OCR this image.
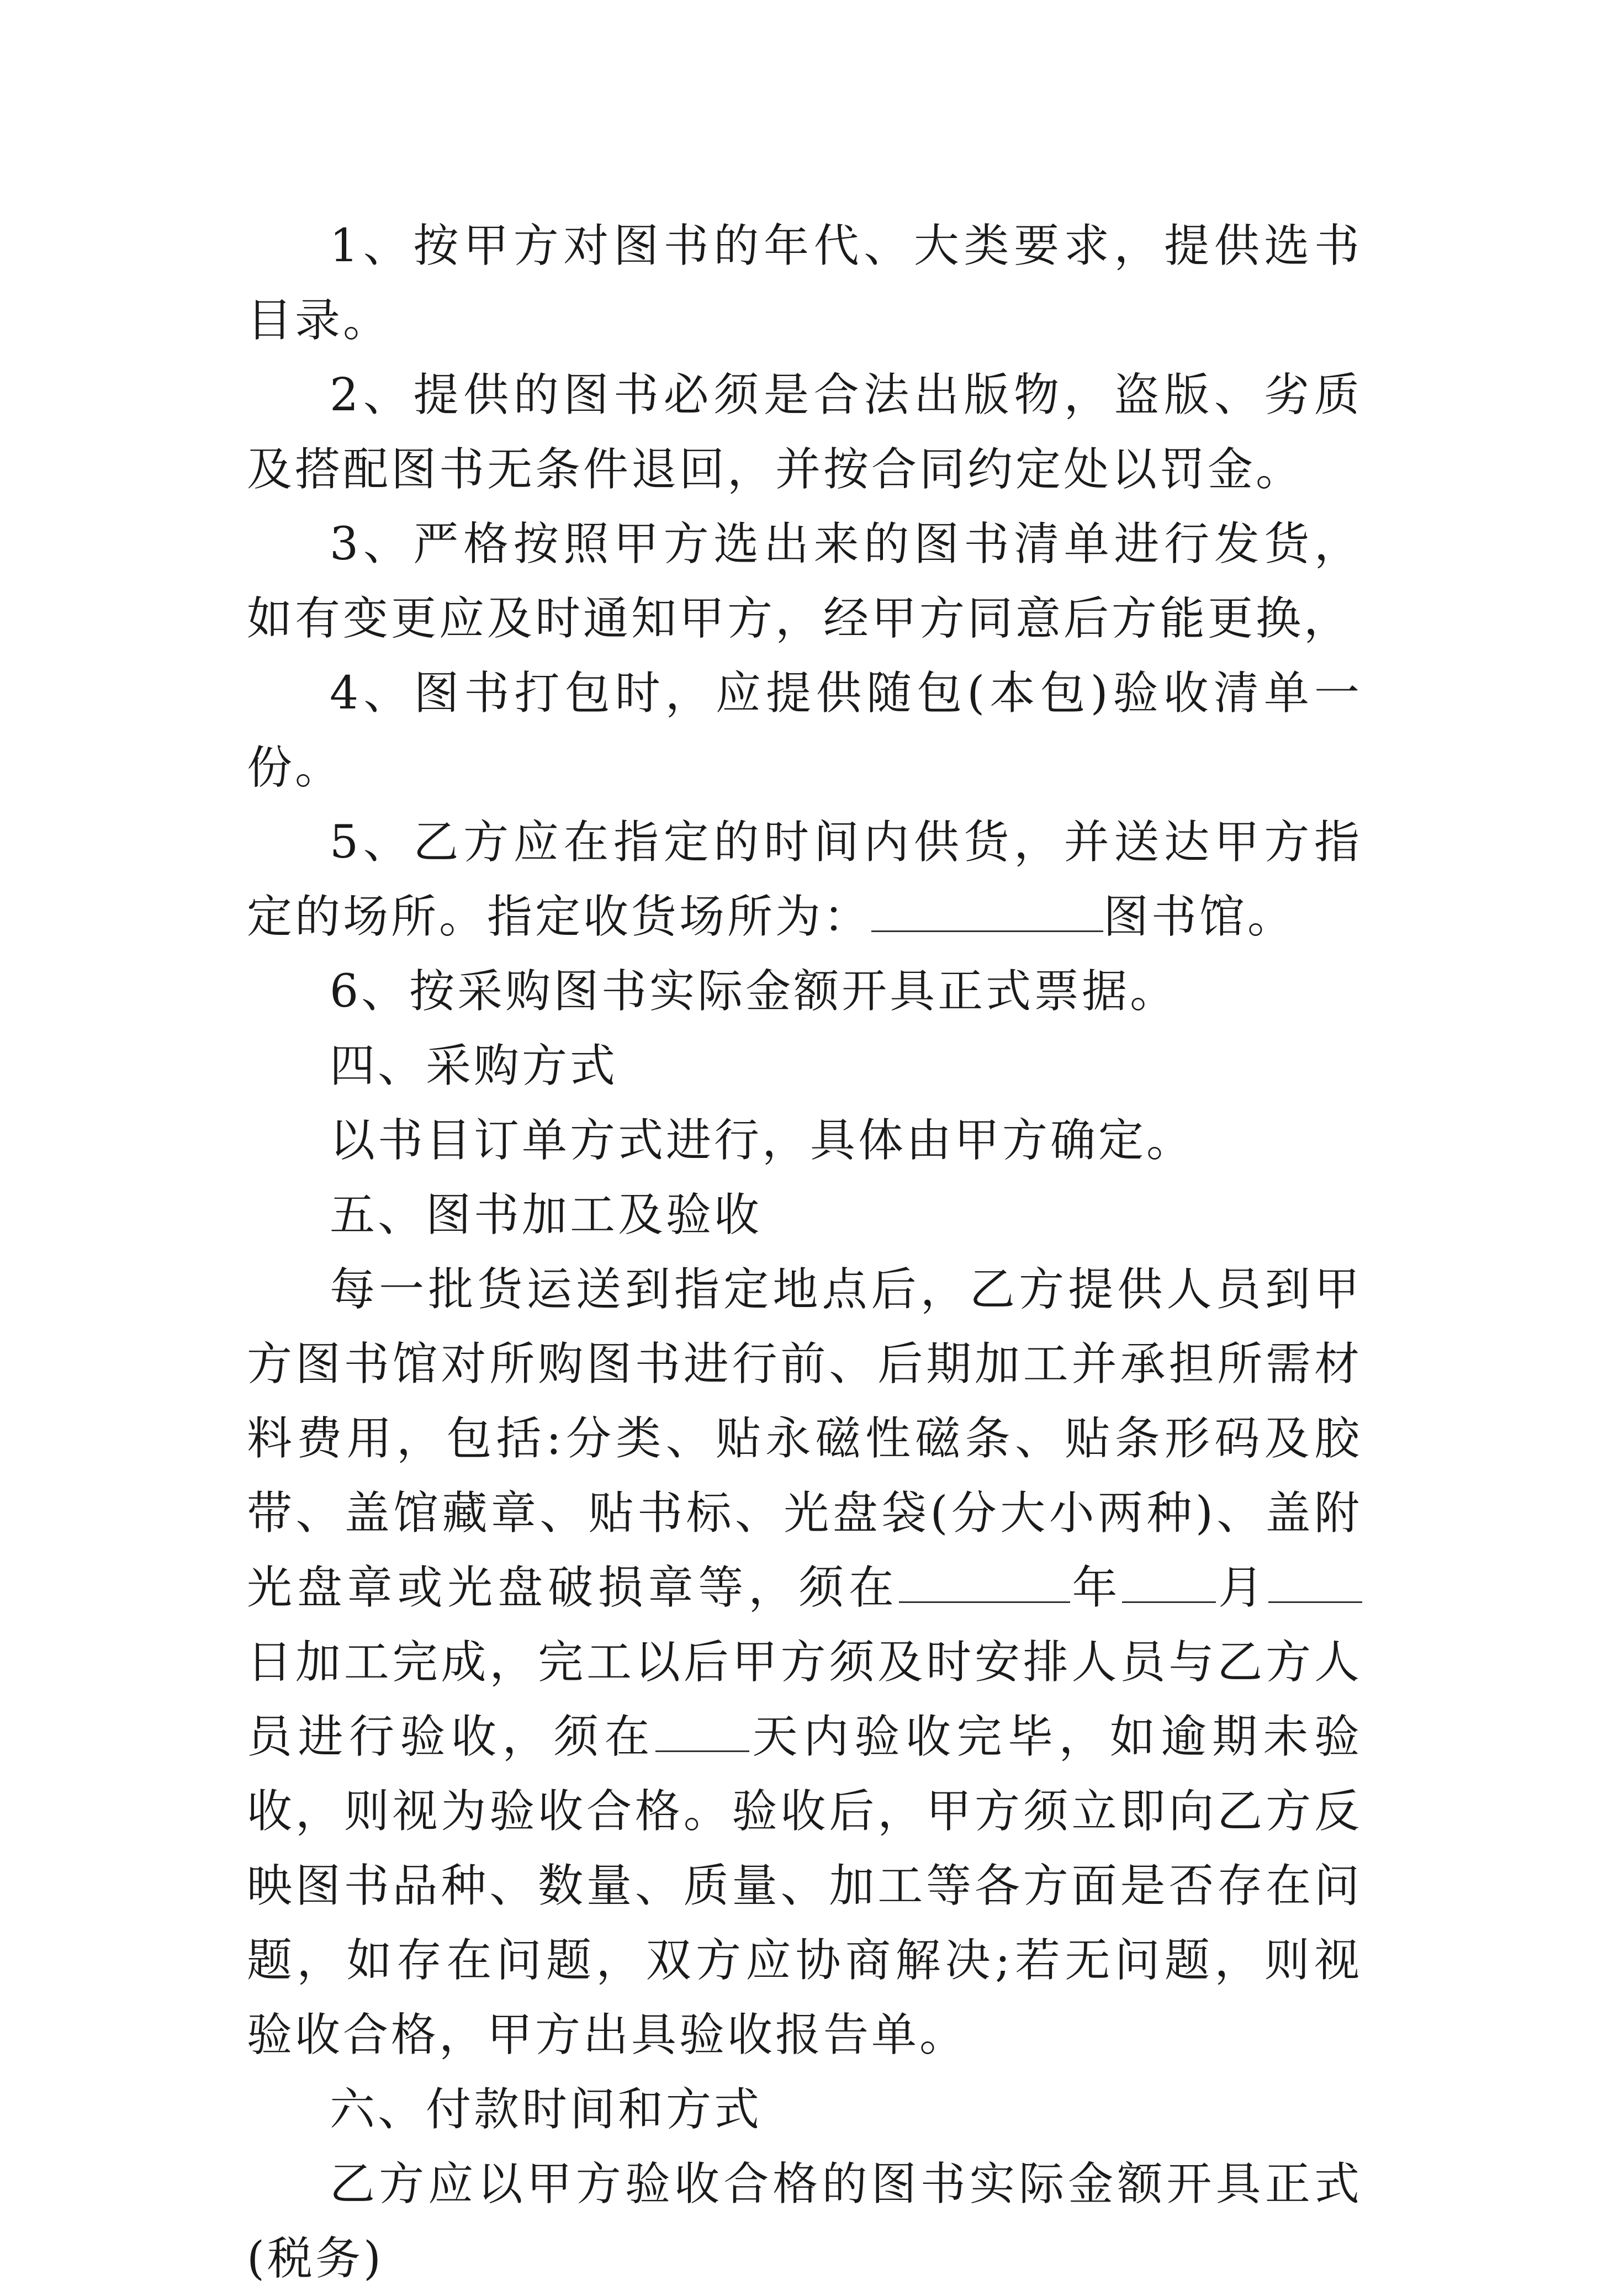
1、按甲方对图书的年代、大类要求，提供选书目录。

2、提供的图书必须是合法出版物，盗版、劣质及搭配图书无条件退回，并按合同约定处以罚金。

3、严格按照甲方选出来的图书清单进行发货，如有变更应及时通知甲方，经甲方同意后方能更换，

4、图书打包时，应提供随包(本包)验收清单一份。

5、乙方应在指定的时间内供货，并送达甲方指定的场所。指定收货场所为：	图书馆。

6、按采购图书实际金额开具正式票据。

四、采购方式

以书目订单方式进行，具体由甲方确定。

五、图书加工及验收

每一批货运送到指定地点后，乙方提供人员到甲方图书馆对所购图书进行前、后期加工并承担所需材料费用，包括:分类、贴永磁性磁条、贴条形码及胶带、盖馆藏章、贴书标、光盘袋(分大小两种)、盖附光盘章或光盘破损章等，须在	年 月日加工完成，完工以后甲方须及时安排人员与乙方人员进行验收，须在 天内验收完毕，如逾期未验收，则视为验收合格。验收后，甲方须立即向乙方反映图书品种、数量、质量、加工等各方面是否存在问题，如存在问题，双方应协商解决;若无问题，则视验收合格，甲方出具验收报告单。

六、付款时间和方式

乙方应以甲方验收合格的图书实际金额开具正式(税务)
